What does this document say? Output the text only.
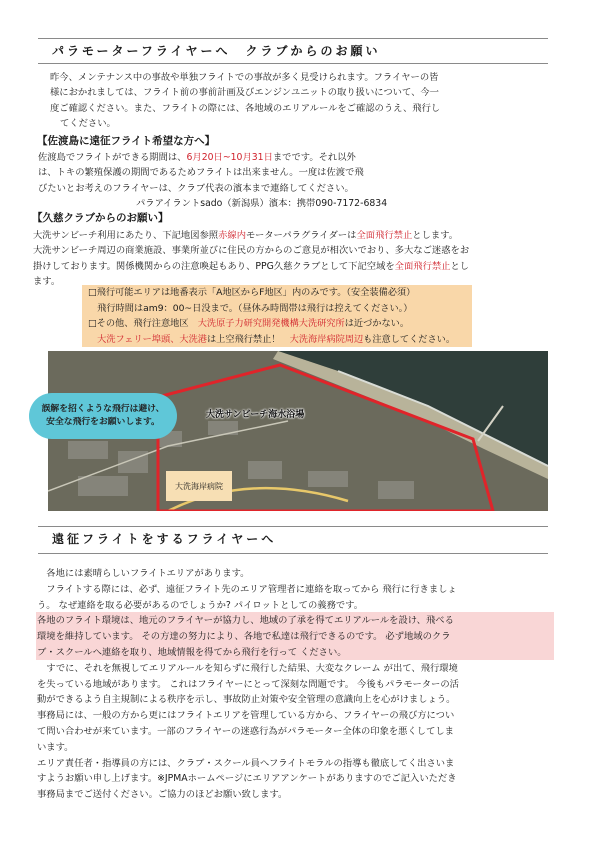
パラモーターフライヤーへ　クラブからのお願い

昨今、メンテナンス中の事故や単独フライトでの事故が多く見受けられます。フライヤーの皆

様におかれましては、フライト前の事前計画及びエンジンユニットの取り扱いについて、今一

度ご確認ください。また、フライトの際には、各地域のエリアルールをご確認のうえ、飛行し

てください。

【佐渡島に遠征フライト希望な方へ】

佐渡島でフライトができる期間は、6月20日~10月31日までです。それ以外

は、トキの繁殖保護の期間であるためフライトは出来ません。一度は佐渡で飛

びたいとお考えのフライヤーは、クラブ代表の濱本まで連絡してください。

パラアイラントsado（新潟県）濱本：携帯090-7172-6834

【久慈クラブからのお願い】

大洗サンビーチ利用にあたり、下記地図参照赤線内モーターパラグライダーは全面飛行禁止とします。

大洗サンビーチ周辺の商業施設、事業所並びに住民の方からのご意見が相次いでおり、多大なご迷惑をお

掛けしております。関係機関からの注意喚起もあり、PPG久慈クラブとして下記空域を全面飛行禁止とし

ます。

□飛行可能エリアは地番表示「A地区からF地区」内のみです。（安全装備必須）

　飛行時間はam9：00~日没まで。（昼休み時間帯は飛行は控えてください。）

□その他、飛行注意地区　大洗原子力研究開発機構大洗研究所は近づかない。

　大洗フェリー埠頭、大洗港は上空飛行禁止！　大洗海岸病院周辺も注意してください。

大洗サンビーチ海水浴場
大洗海岸病院
誤解を招くような飛行は避け、
安全な飛行をお願いします。
遠征フライトをするフライヤーへ

　各地には素晴らしいフライトエリアがあります。

　フライトする際には、必ず、遠征フライト先のエリア管理者に連絡を取ってから 飛行に行きましょ

う。 なぜ連絡を取る必要があるのでしょうか? パイロットとしての義務です。

各地のフライト環境は、地元のフライヤーが協力し、地域の了承を得てエリアルールを設け、飛べる

環境を維持しています。 その方達の努力により、各地で私達は飛行できるのです。 必ず地域のクラ

ブ・スクールへ連絡を取り、地域情報を得てから飛行を行って ください。

　すでに、それを無視してエリアルールを知らずに飛行した結果、大変なクレーム が出て、飛行環境

を失っている地域があります。 これはフライヤーにとって深刻な問題です。 今後もパラモーターの活

動ができるよう自主規制による秩序を示し、事故防止対策や安全管理の意識向上を心がけましょう。

事務局には、一般の方から更にはフライトエリアを管理している方から、フライヤーの飛び方につい

て問い合わせが来ています。一部のフライヤーの迷惑行為がパラモーター全体の印象を悪くしてしま

います。

エリア責任者・指導員の方には、クラブ・スクール員へフライトモラルの指導も徹底してく出さいま

すようお願い申し上げます。※JPMAホームページにエリアアンケートがありますのでご記入いただき

事務局までご送付ください。ご協力のほどお願い致します。
